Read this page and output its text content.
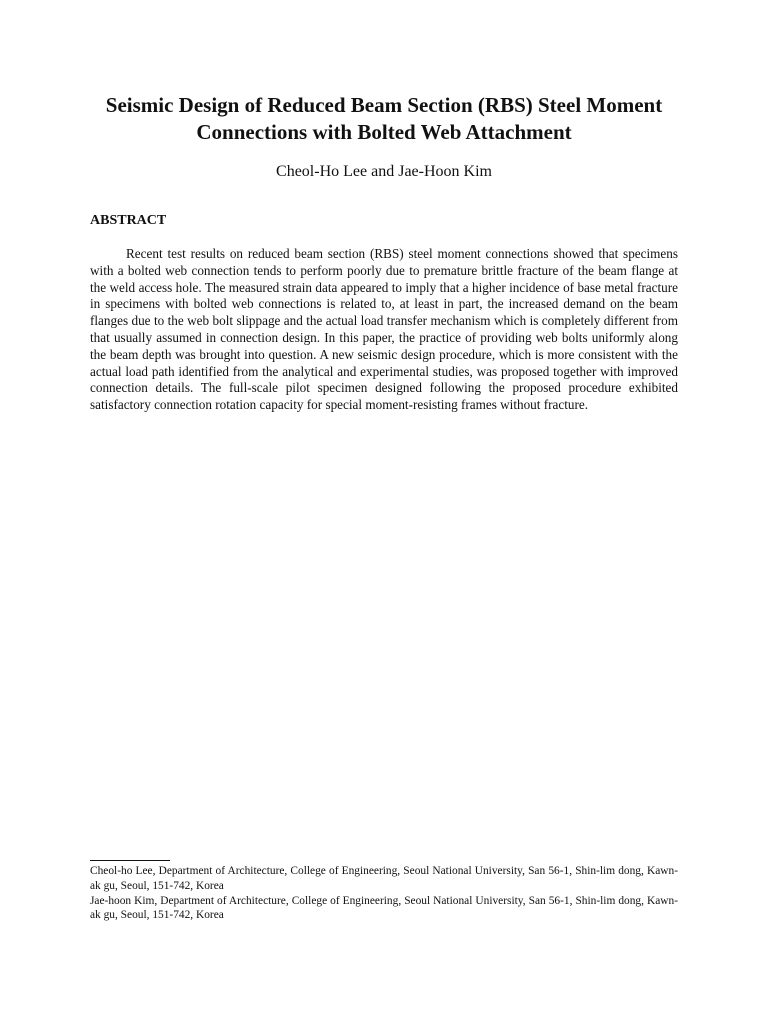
Seismic Design of Reduced Beam Section (RBS) Steel Moment
Connections with Bolted Web Attachment
Cheol-Ho Lee and Jae-Hoon Kim
ABSTRACT

Recent test results on reduced beam section (RBS) steel moment connections showed that specimens with a bolted web connection tends to perform poorly due to premature brittle fracture of the beam flange at the weld access hole. The measured strain data appeared to imply that a higher incidence of base metal fracture in specimens with bolted web connections is related to, at least in part, the increased demand on the beam flanges due to the web bolt slippage and the actual load transfer mechanism which is completely different from that usually assumed in connection design. In this paper, the practice of providing web bolts uniformly along the beam depth was brought into question. A new seismic design procedure, which is more consistent with the actual load path identified from the analytical and experimental studies, was proposed together with improved connection details. The full-scale pilot specimen designed following the proposed procedure exhibited satisfactory connection rotation capacity for special moment-resisting frames without fracture.

Cheol-ho Lee, Department of Architecture, College of Engineering, Seoul National University, San 56-1, Shin-lim dong, Kawn-ak gu, Seoul, 151-742, Korea

Jae-hoon Kim, Department of Architecture, College of Engineering, Seoul National University, San 56-1, Shin-lim dong, Kawn-ak gu, Seoul, 151-742, Korea
